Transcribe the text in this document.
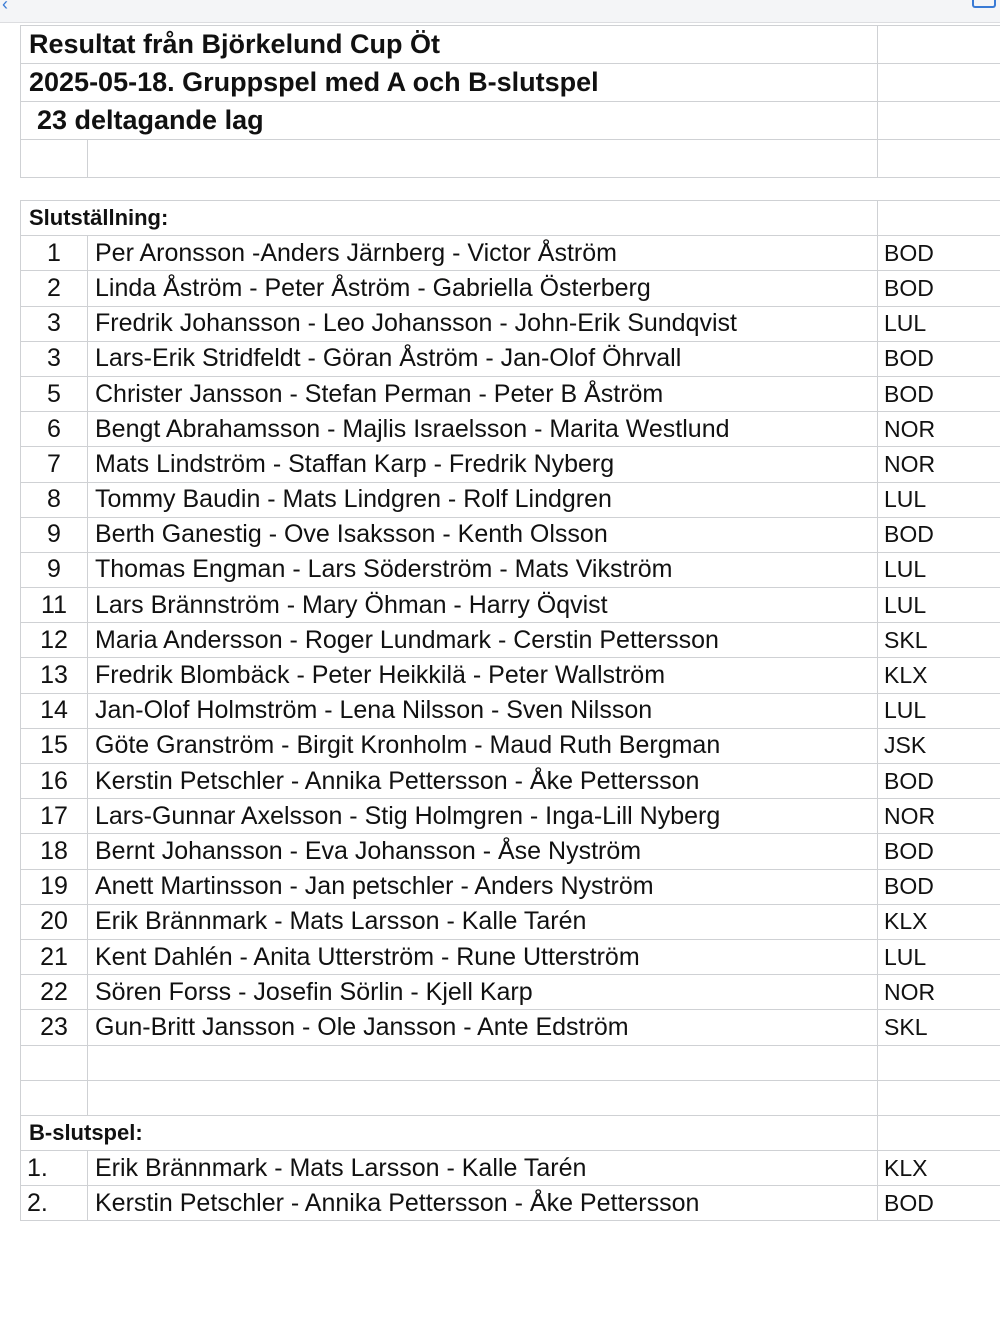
‹
Resultat från Björkelund Cup Öt		
2025-05-18. Gruppspel med A och B-slutspel		
23 deltagande lag		

Slutställning:		
1	Per Aronsson -Anders Järnberg - Victor Åström	BOD
2	Linda Åström - Peter Åström - Gabriella Österberg	BOD
3	Fredrik Johansson - Leo Johansson - John-Erik Sundqvist	LUL
3	Lars-Erik Stridfeldt - Göran Åström - Jan-Olof Öhrvall	BOD
5	Christer Jansson - Stefan Perman - Peter B Åström	BOD
6	Bengt Abrahamsson - Majlis Israelsson - Marita Westlund	NOR
7	Mats Lindström - Staffan Karp - Fredrik Nyberg	NOR
8	Tommy Baudin - Mats Lindgren - Rolf Lindgren	LUL
9	Berth Ganestig - Ove Isaksson - Kenth Olsson	BOD
9	Thomas Engman - Lars Söderström - Mats Vikström	LUL
11	Lars Brännström - Mary Öhman - Harry Öqvist	LUL
12	Maria Andersson - Roger Lundmark - Cerstin Pettersson	SKL
13	Fredrik Blombäck - Peter Heikkilä - Peter Wallström	KLX
14	Jan-Olof Holmström - Lena Nilsson - Sven Nilsson	LUL
15	Göte Granström - Birgit Kronholm - Maud Ruth Bergman	JSK
16	Kerstin Petschler - Annika Pettersson - Åke Pettersson	BOD
17	Lars-Gunnar Axelsson - Stig Holmgren - Inga-Lill Nyberg	NOR
18	Bernt Johansson - Eva Johansson - Åse Nyström	BOD
19	Anett Martinsson - Jan petschler - Anders Nyström	BOD
20	Erik Brännmark - Mats Larsson - Kalle Tarén	KLX
21	Kent Dahlén - Anita Utterström - Rune Utterström	LUL
22	Sören Forss - Josefin Sörlin - Kjell Karp	NOR
23	Gun-Britt Jansson - Ole Jansson - Ante Edström	SKL

B-slutspel:		
1.	Erik Brännmark - Mats Larsson - Kalle Tarén	KLX
2.	Kerstin Petschler - Annika Pettersson - Åke Pettersson	BOD
